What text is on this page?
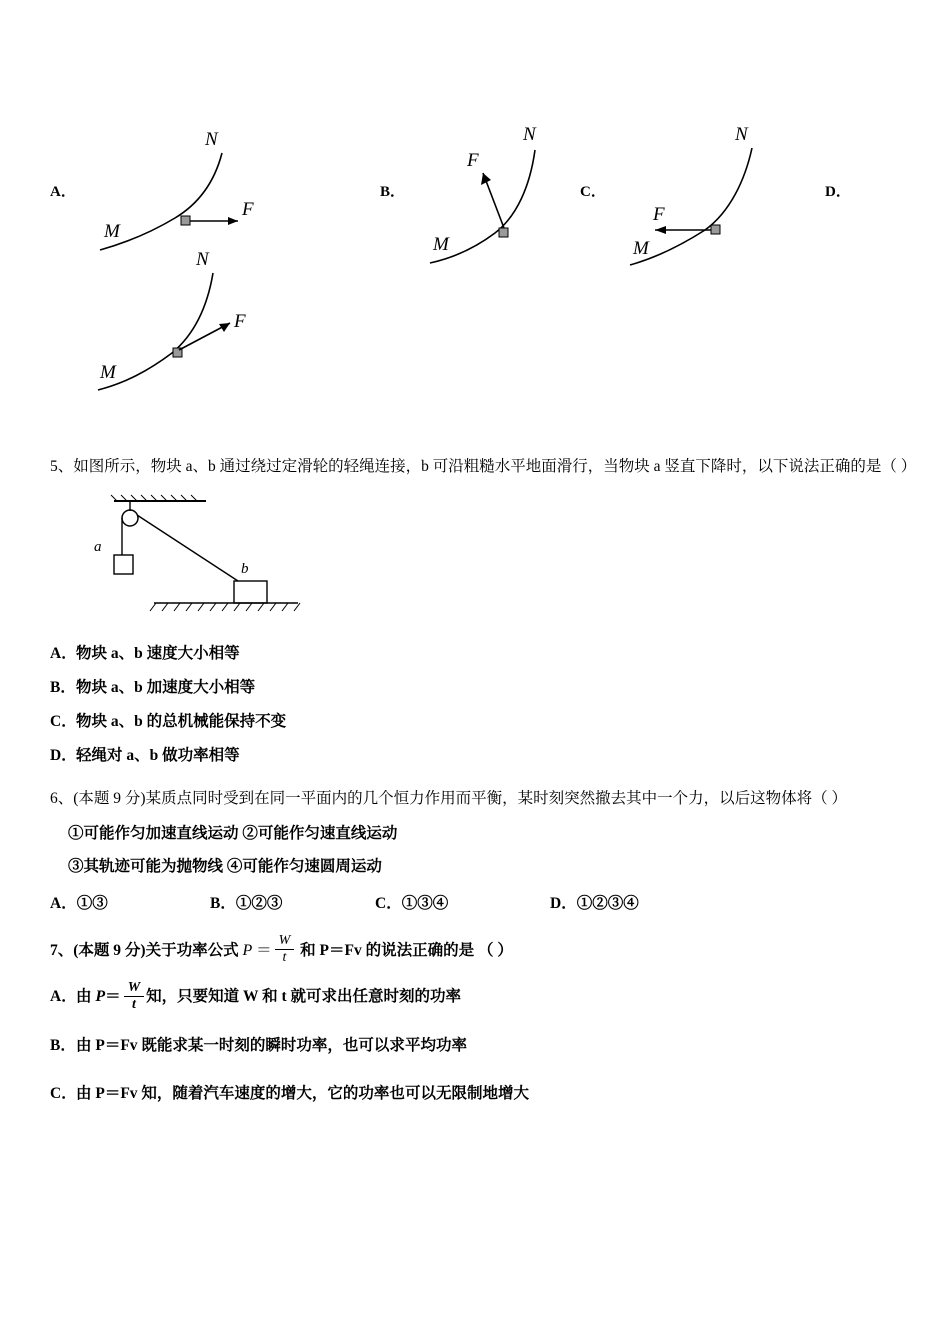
A．
N
M
F
B．
N
M
F
C．
N
M
F
D．
N
M
F

5、如图所示，物块 a、b 通过绕过定滑轮的轻绳连接，b 可沿粗糙水平地面滑行，当物块 a 竖直下降时，以下说法正确的是（ ）

a
b

A．物块 a、b 速度大小相等

B．物块 a、b 加速度大小相等

C．物块 a、b 的总机械能保持不变

D．轻绳对 a、b 做功率相等

6、(本题 9 分)某质点同时受到在同一平面内的几个恒力作用而平衡，某时刻突然撤去其中一个力，以后这物体将（ ）

①可能作匀加速直线运动 ②可能作匀速直线运动

③其轨迹可能为抛物线 ④可能作匀速圆周运动

A．①③	B．①②③	C．①③④	D．①②③④

7、(本题 9 分)关于功率公式 $P = \frac{W}{t}$ 和 P＝Fv 的说法正确的是 （ ）

A．由 $P= \frac{W}{t}$ 知，只要知道 W 和 t 就可求出任意时刻的功率

B．由 P＝Fv 既能求某一时刻的瞬时功率，也可以求平均功率

C．由 P＝Fv 知，随着汽车速度的增大，它的功率也可以无限制地增大
